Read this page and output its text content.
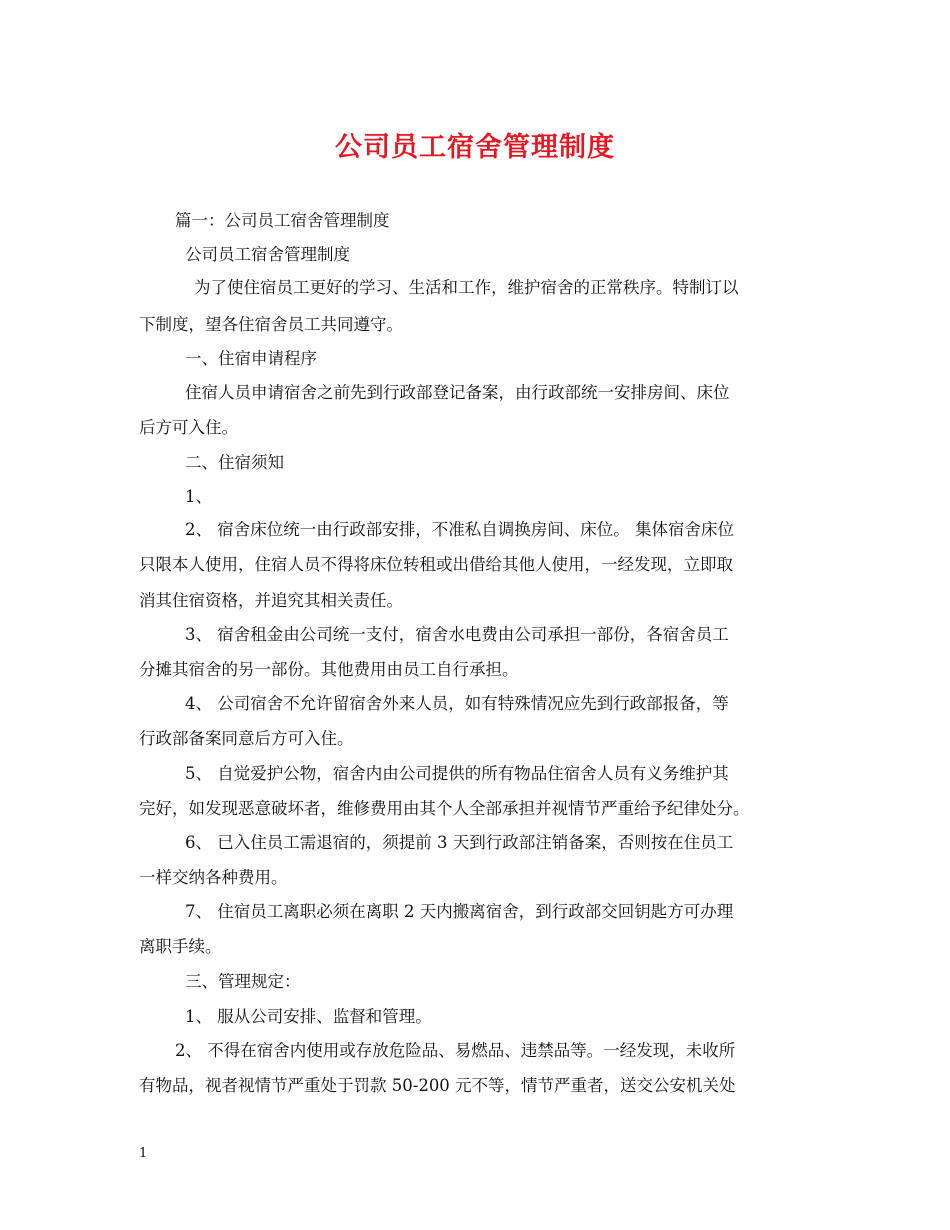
公司员工宿舍管理制度
篇一：公司员工宿舍管理制度
公司员工宿舍管理制度
为了使住宿员工更好的学习、生活和工作，维护宿舍的正常秩序。特制订以
下制度，望各住宿舍员工共同遵守。
一、住宿申请程序
住宿人员申请宿舍之前先到行政部登记备案，由行政部统一安排房间、床位
后方可入住。
二、住宿须知
1、
2、 宿舍床位统一由行政部安排，不准私自调换房间、床位。 集体宿舍床位
只限本人使用，住宿人员不得将床位转租或出借给其他人使用，一经发现，立即取
消其住宿资格，并追究其相关责任。
3、 宿舍租金由公司统一支付，宿舍水电费由公司承担一部份，各宿舍员工
分摊其宿舍的另一部份。其他费用由员工自行承担。
4、 公司宿舍不允许留宿舍外来人员，如有特殊情况应先到行政部报备，等
行政部备案同意后方可入住。
5、 自觉爱护公物，宿舍内由公司提供的所有物品住宿舍人员有义务维护其
完好，如发现恶意破坏者，维修费用由其个人全部承担并视情节严重给予纪律处分。
6、 已入住员工需退宿的，须提前 3 天到行政部注销备案，否则按在住员工
一样交纳各种费用。
7、 住宿员工离职必须在离职 2 天内搬离宿舍，到行政部交回钥匙方可办理
离职手续。
三、管理规定：
1、 服从公司安排、监督和管理。
2、 不得在宿舍内使用或存放危险品、易燃品、违禁品等。一经发现，未收所
有物品，视者视情节严重处于罚款 50-200 元不等，情节严重者，送交公安机关处
1
